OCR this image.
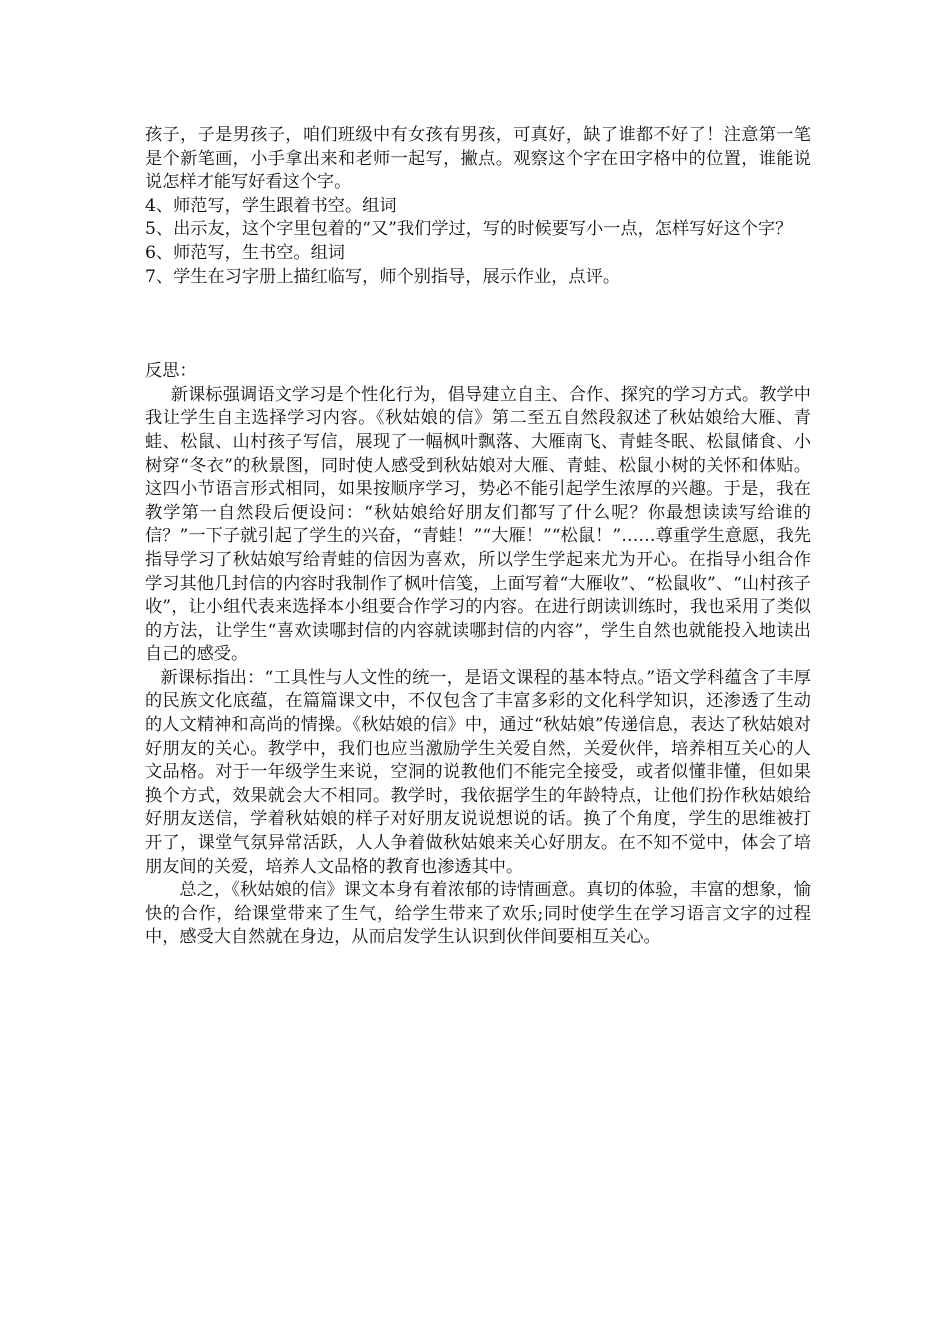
孩子，子是男孩子，咱们班级中有女孩有男孩，可真好，缺了谁都不好了！注意第一笔是个新笔画，小手拿出来和老师一起写，撇点。观察这个字在田字格中的位置，谁能说说怎样才能写好看这个字。

4、师范写，学生跟着书空。组词

5、出示友，这个字里包着的“又”我们学过，写的时候要写小一点，怎样写好这个字？

6、师范写，生书空。组词

7、学生在习字册上描红临写，师个别指导，展示作业，点评。

反思：

新课标强调语文学习是个性化行为，倡导建立自主、合作、探究的学习方式。教学中我让学生自主选择学习内容。《秋姑娘的信》第二至五自然段叙述了秋姑娘给大雁、青蛙、松鼠、山村孩子写信，展现了一幅枫叶飘落、大雁南飞、青蛙冬眠、松鼠储食、小树穿“冬衣”的秋景图，同时使人感受到秋姑娘对大雁、青蛙、松鼠小树的关怀和体贴。这四小节语言形式相同，如果按顺序学习，势必不能引起学生浓厚的兴趣。于是，我在教学第一自然段后便设问：“秋姑娘给好朋友们都写了什么呢？你最想读读写给谁的信？”一下子就引起了学生的兴奋，“青蛙！”“大雁！”“松鼠！”……尊重学生意愿，我先指导学习了秋姑娘写给青蛙的信因为喜欢，所以学生学起来尤为开心。在指导小组合作学习其他几封信的内容时我制作了枫叶信笺，上面写着“大雁收”、“松鼠收”、“山村孩子收”，让小组代表来选择本小组要合作学习的内容。在进行朗读训练时，我也采用了类似的方法，让学生“喜欢读哪封信的内容就读哪封信的内容”，学生自然也就能投入地读出自己的感受。

新课标指出：“工具性与人文性的统一，是语文课程的基本特点。”语文学科蕴含了丰厚的民族文化底蕴，在篇篇课文中，不仅包含了丰富多彩的文化科学知识，还渗透了生动的人文精神和高尚的情操。《秋姑娘的信》中，通过“秋姑娘”传递信息，表达了秋姑娘对好朋友的关心。教学中，我们也应当激励学生关爱自然，关爱伙伴，培养相互关心的人文品格。对于一年级学生来说，空洞的说教他们不能完全接受，或者似懂非懂，但如果换个方式，效果就会大不相同。教学时，我依据学生的年龄特点，让他们扮作秋姑娘给好朋友送信，学着秋姑娘的样子对好朋友说说想说的话。换了个角度，学生的思维被打开了，课堂气氛异常活跃，人人争着做秋姑娘来关心好朋友。在不知不觉中，体会了培朋友间的关爱，培养人文品格的教育也渗透其中。

总之，《秋姑娘的信》课文本身有着浓郁的诗情画意。真切的体验，丰富的想象，愉快的合作，给课堂带来了生气，给学生带来了欢乐;同时使学生在学习语言文字的过程中，感受大自然就在身边，从而启发学生认识到伙伴间要相互关心。
